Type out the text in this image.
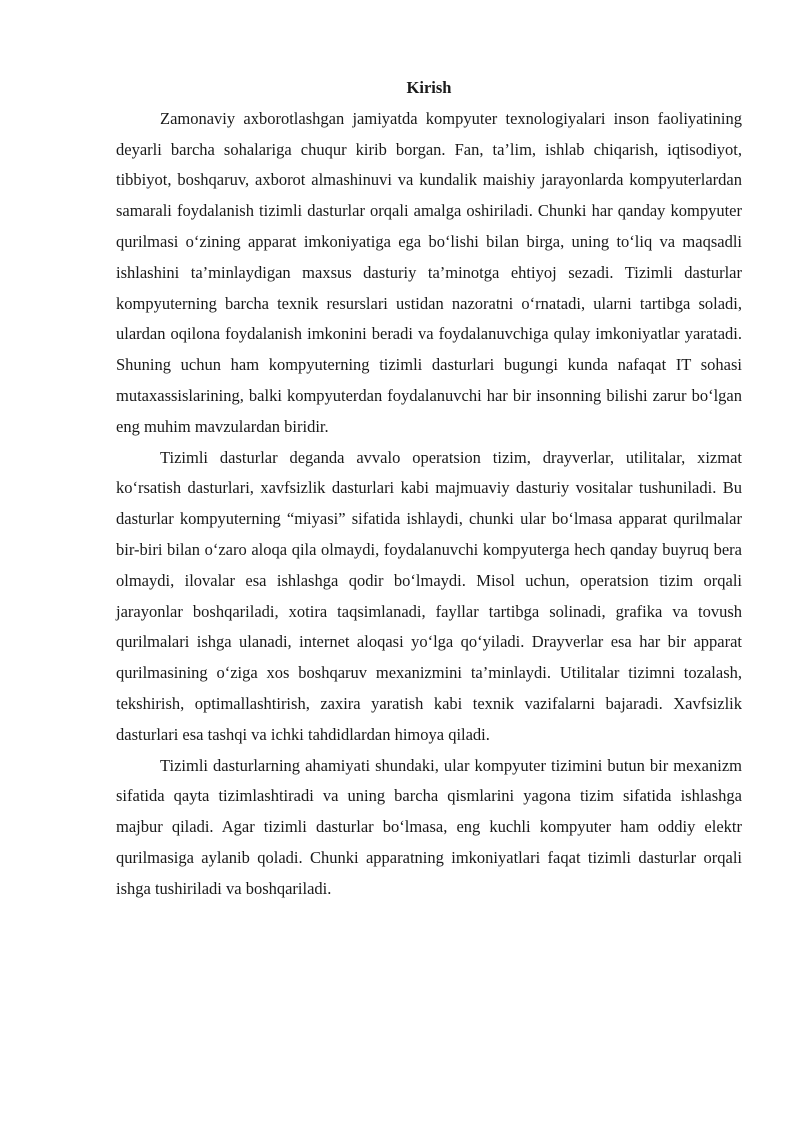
Kirish

Zamonaviy axborotlashgan jamiyatda kompyuter texnologiyalari inson faoliyatining deyarli barcha sohalariga chuqur kirib borgan. Fan, ta’lim, ishlab chiqarish, iqtisodiyot, tibbiyot, boshqaruv, axborot almashinuvi va kundalik maishiy jarayonlarda kompyuterlardan samarali foydalanish tizimli dasturlar orqali amalga oshiriladi. Chunki har qanday kompyuter qurilmasi o‘zining apparat imkoniyatiga ega bo‘lishi bilan birga, uning to‘liq va maqsadli ishlashini ta’minlaydigan maxsus dasturiy ta’minotga ehtiyoj sezadi. Tizimli dasturlar kompyuterning barcha texnik resurslari ustidan nazoratni o‘rnatadi, ularni tartibga soladi, ulardan oqilona foydalanish imkonini beradi va foydalanuvchiga qulay imkoniyatlar yaratadi. Shuning uchun ham kompyuterning tizimli dasturlari bugungi kunda nafaqat IT sohasi mutaxassislarining, balki kompyuterdan foydalanuvchi har bir insonning bilishi zarur bo‘lgan eng muhim mavzulardan biridir.

Tizimli dasturlar deganda avvalo operatsion tizim, drayverlar, utilitalar, xizmat ko‘rsatish dasturlari, xavfsizlik dasturlari kabi majmuaviy dasturiy vositalar tushuniladi. Bu dasturlar kompyuterning “miyasi” sifatida ishlaydi, chunki ular bo‘lmasa apparat qurilmalar bir-biri bilan o‘zaro aloqa qila olmaydi, foydalanuvchi kompyuterga hech qanday buyruq bera olmaydi, ilovalar esa ishlashga qodir bo‘lmaydi. Misol uchun, operatsion tizim orqali jarayonlar boshqariladi, xotira taqsimlanadi, fayllar tartibga solinadi, grafika va tovush qurilmalari ishga ulanadi, internet aloqasi yo‘lga qo‘yiladi. Drayverlar esa har bir apparat qurilmasining o‘ziga xos boshqaruv mexanizmini ta’minlaydi. Utilitalar tizimni tozalash, tekshirish, optimallashtirish, zaxira yaratish kabi texnik vazifalarni bajaradi. Xavfsizlik dasturlari esa tashqi va ichki tahdidlardan himoya qiladi.

Tizimli dasturlarning ahamiyati shundaki, ular kompyuter tizimini butun bir mexanizm sifatida qayta tizimlashtiradi va uning barcha qismlarini yagona tizim sifatida ishlashga majbur qiladi. Agar tizimli dasturlar bo‘lmasa, eng kuchli kompyuter ham oddiy elektr qurilmasiga aylanib qoladi. Chunki apparatning imkoniyatlari faqat tizimli dasturlar orqali ishga tushiriladi va boshqariladi.
